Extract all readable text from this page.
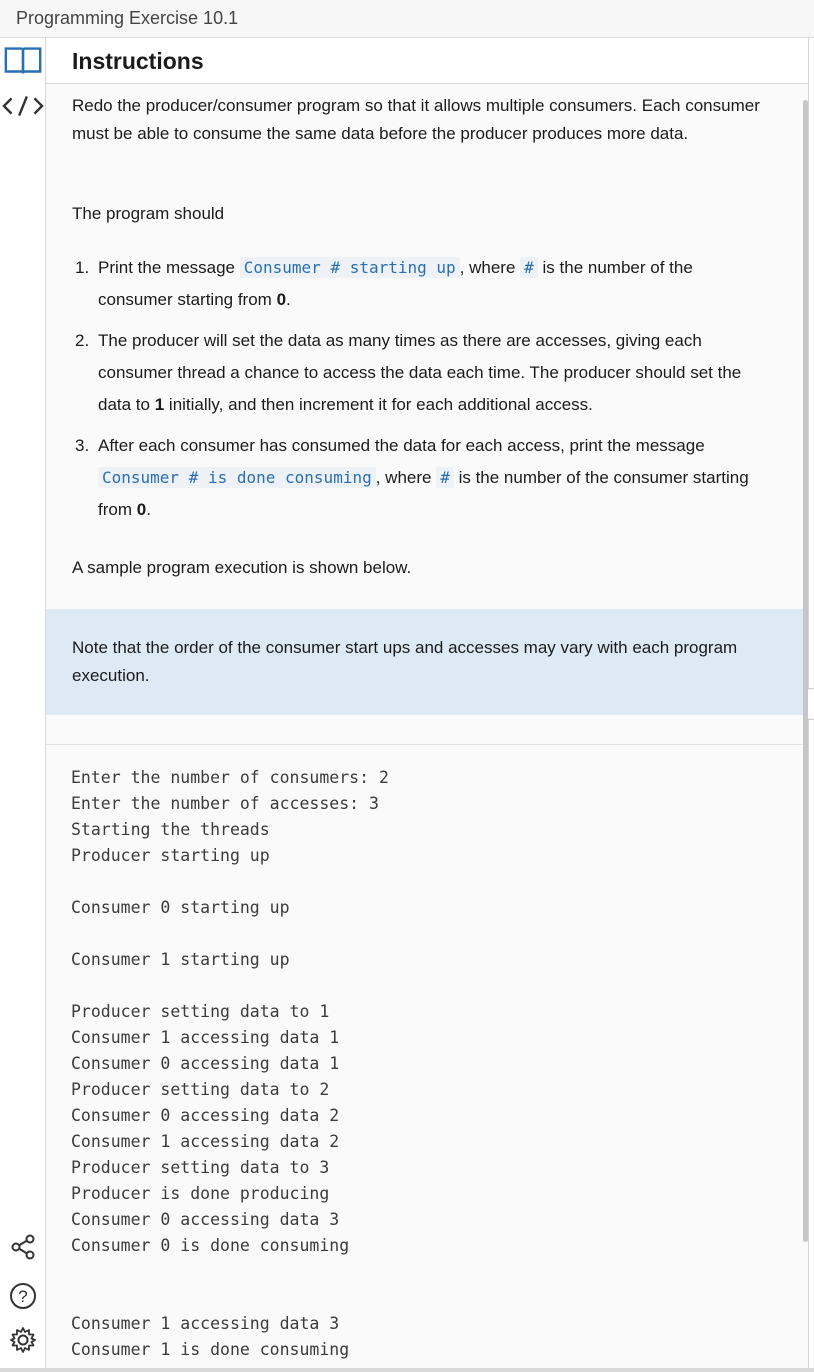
Programming Exercise 10.1
?
Instructions
Redo the producer/consumer program so that it allows multiple consumers. Each consumer must be able to consume the same data before the producer produces more data.
The program should
1. Print the message Consumer # starting up , where # is the number of the consumer starting from 0.
2. The producer will set the data as many times as there are accesses, giving each consumer thread a chance to access the data each time. The producer should set the data to 1 initially, and then increment it for each additional access.
3. After each consumer has consumed the data for each access, print the message Consumer # is done consuming , where # is the number of the consumer starting from 0.
A sample program execution is shown below.
Note that the order of the consumer start ups and accesses may vary with each program execution.
Enter the number of consumers: 2
Enter the number of accesses: 3
Starting the threads
Producer starting up

Consumer 0 starting up

Consumer 1 starting up

Producer setting data to 1
Consumer 1 accessing data 1
Consumer 0 accessing data 1
Producer setting data to 2
Consumer 0 accessing data 2
Consumer 1 accessing data 2
Producer setting data to 3
Producer is done producing
Consumer 0 accessing data 3
Consumer 0 is done consuming

Consumer 1 accessing data 3
Consumer 1 is done consuming
